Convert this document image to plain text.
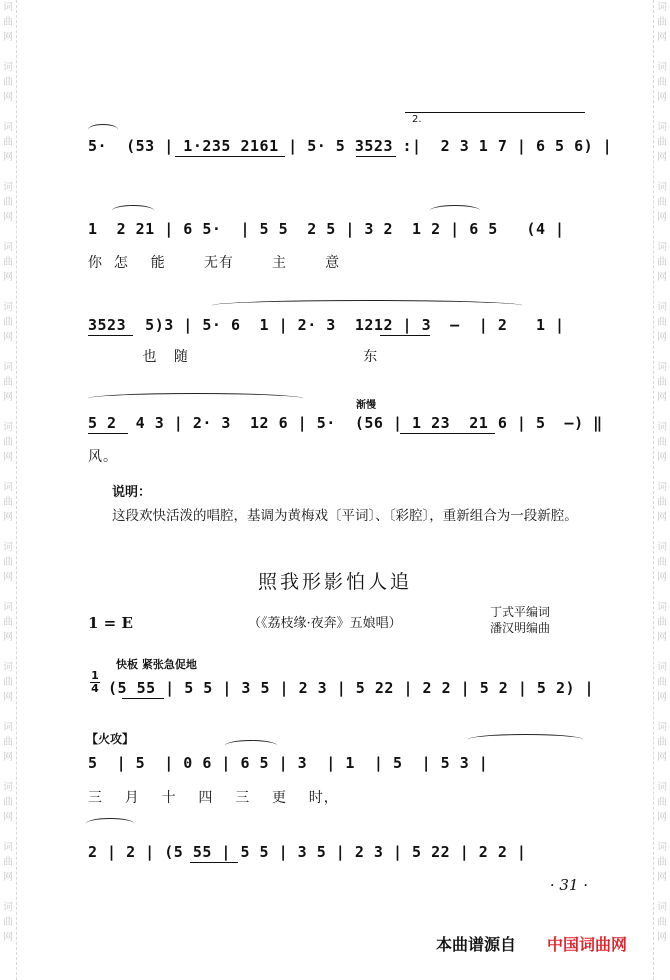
词
曲
网

词
曲
网

词
曲
网

词
曲
网

词
曲
网

词
曲
网

词
曲
网

词
曲
网

词
曲
网

词
曲
网

词
曲
网

词
曲
网

词
曲
网

词
曲
网

词
曲
网

词
曲
网
词
曲
网

词
曲
网

词
曲
网

词
曲
网

词
曲
网

词
曲
网

词
曲
网

词
曲
网

词
曲
网

词
曲
网

词
曲
网

词
曲
网

词
曲
网

词
曲
网

词
曲
网

词
曲
网
2.
5·  (53 | 1·235 2161 | 5· 5 3523 :|  2 3 1 7 | 6 5 6) |
1  2 21 | 6 5·  | 5 5  2 5 | 3 2  1 2 | 6 5   (4 |
你  怎    能       无有       主       意
3523  5)3 | 5· 6  1 | 2· 3  1212 | 3  –  | 2   1 |
也   随                                东
渐慢
5 2  4 3 | 2· 3  12 6 | 5·  (56 | 1 23  21 6 | 5  –) ‖
风。
说明：
这段欢快活泼的唱腔，基调为黄梅戏〔平词〕、〔彩腔〕，重新组合为一段新腔。
照我形影怕人追
1 = E	（《荔枝缘·夜奔》五娘唱）
丁式平编词
潘汉明编曲
快板 紧张急促地
1
4 (5 55 | 5 5 | 3 5 | 2 3 | 5 22 | 2 2 | 5 2 | 5 2) |
【火攻】
5  | 5  | 0 6 | 6 5 | 3  | 1  | 5  | 5 3 |
三    月    十    四    三    更    时，
2 | 2 | (5 55 | 5 5 | 3 5 | 2 3 | 5 22 | 2 2 |
· 31 ·
本曲谱源自 中国词曲网
